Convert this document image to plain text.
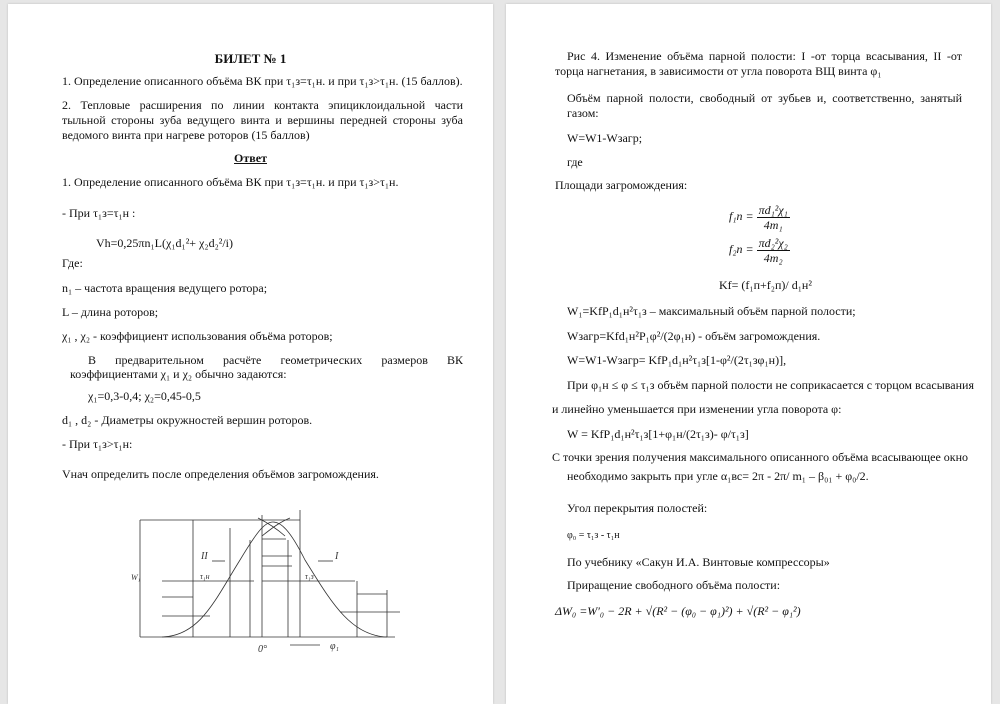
БИЛЕТ № 1
1. Определение описанного объёма ВК при τ₁з=τ₁н. и при τ₁з>τ₁н. (15 баллов).
2. Тепловые расширения по линии контакта эпициклоидальной части тыльной стороны зуба ведущего винта и вершины передней стороны зуба ведомого винта при нагреве роторов (15 баллов)
Ответ
1. Определение описанного объёма ВК при τ₁з=τ₁н. и при τ₁з>τ₁н.
- При τ₁з=τ₁н :
Vh=0,25πn₁L(χ₁d₁²+ χ₂d₂²/i)
Где:
n₁ – частота вращения ведущего ротора;
L – длина роторов;
χ₁ , χ₂ - коэффициент использования объёма роторов;
В предварительном расчёте геометрических размеров ВК
коэффициентами χ₁ и χ₂ обычно задаются:
χ₁=0,3-0,4; χ₂=0,45-0,5
d₁ , d₂ - Диаметры окружностей вершин роторов.
- При τ₁з>τ₁н:
Vнач определить после определения объёмов загромождения.
II	I
0°	φ₁
τ₁н	τ₁з
W₁
Рис 4. Изменение объёма парной полости: I -от торца всасывания, II -от торца нагнетания, в зависимости от угла поворота ВЩ винта φ₁
Объём парной полости, свободный от зубьев и, соответственно, занятый газом:
W=W1-Wзагр;
где
Площади загромождения:
$f_1п = \frac{\text{πd₁²χ₁}}{\text{4m₁}}$
$f_2п = \frac{\text{πd₂²χ₂}}{\text{4m₂}}$
Kf= (f₁п+f₂п)/ d₁н²
W₁=KfP₁d₁н²τ₁з – максимальный объём парной полости;
Wзагр=Kfd₁н²P₁φ²/(2φ₁н) - объём загромождения.
W=W1-Wзагр= KfP₁d₁н²τ₁з[1-φ²/(2τ₁зφ₁н)],
При φ₁н ≤ φ ≤ τ₁з объём парной полости не соприкасается с торцом всасывания
и линейно уменьшается при изменении угла поворота φ:
W = KfP₁d₁н²τ₁з[1+φ₁н/(2τ₁з)- φ/τ₁з]
С точки зрения получения максимального описанного объёма всасывающее окно
необходимо закрыть при угле α₁вс= 2π - 2π/ m₁ – β₀₁ + φ₀/2.
Угол перекрытия полостей:
φ₀ = τ₁з - τ₁н
По учебнику «Сакун И.А. Винтовые компрессоры»
Приращение свободного объёма полости:
ΔW₀ =W′₀ − 2R + √(R² − (φ₀ − φ₁)²) + √(R² − φ₁²)
